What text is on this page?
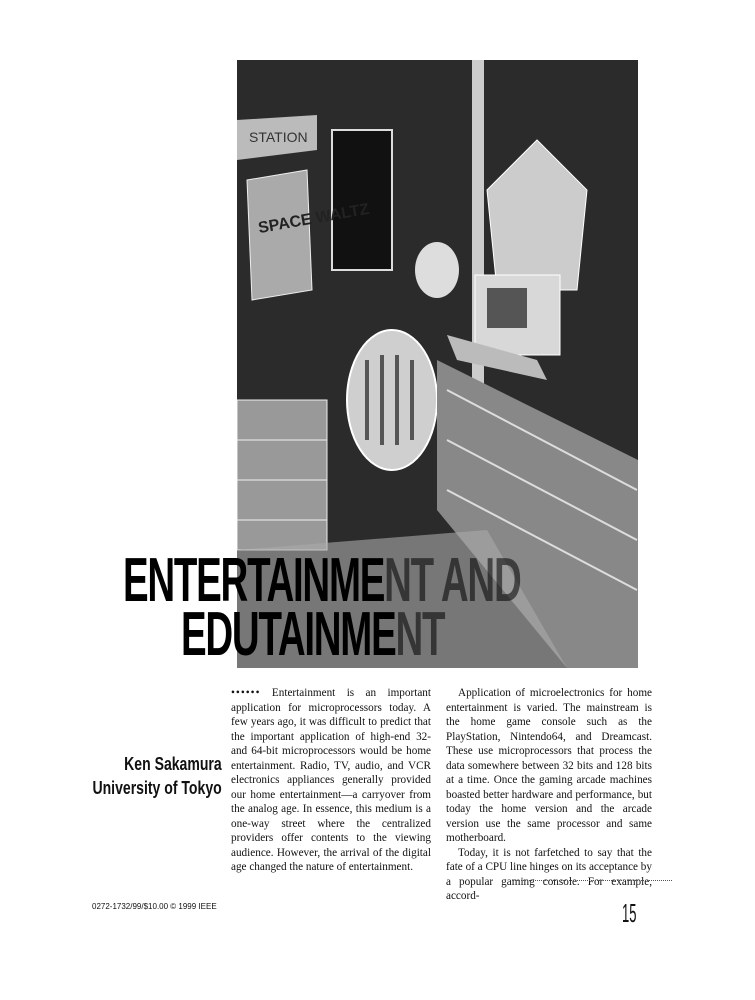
SPACE WALTZ
STATION
ENTERTAINMENT AND
EDUTAINMENT
Ken Sakamura
University of Tokyo

•••••• Entertainment is an important application for microprocessors today. A few years ago, it was difficult to predict that the important application of high-end 32- and 64-bit microprocessors would be home entertainment. Radio, TV, audio, and VCR electronics appliances generally provided our home entertainment—a carryover from the analog age. In essence, this medium is a one-way street where the centralized providers offer contents to the viewing audience. However, the arrival of the digital age changed the nature of entertainment.

Application of microelectronics for home entertainment is varied. The mainstream is the home game console such as the PlayStation, Nintendo64, and Dreamcast. These use microprocessors that process the data somewhere between 32 bits and 128 bits at a time. Once the gaming arcade machines boasted better hardware and performance, but today the home version and the arcade version use the same processor and same motherboard.

Today, it is not farfetched to say that the fate of a CPU line hinges on its acceptance by a popular gaming console. For example, accord-

0272-1732/99/$10.00 © 1999 IEEE	15
